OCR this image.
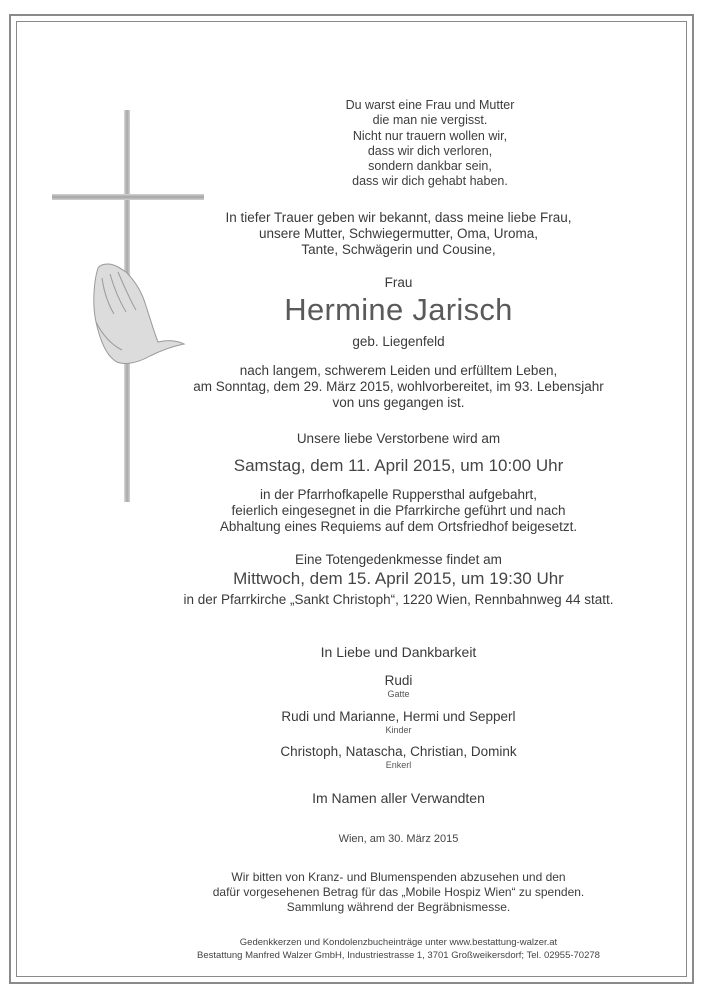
Du warst eine Frau und Mutter
die man nie vergisst.
Nicht nur trauern wollen wir,
dass wir dich verloren,
sondern dankbar sein,
dass wir dich gehabt haben.
In tiefer Trauer geben wir bekannt, dass meine liebe Frau,
unsere Mutter, Schwiegermutter, Oma, Uroma,
Tante, Schwägerin und Cousine,
Frau
Hermine Jarisch
geb. Liegenfeld
nach langem, schwerem Leiden und erfülltem Leben,
am Sonntag, dem 29. März 2015, wohlvorbereitet, im 93. Lebensjahr
von uns gegangen ist.
Unsere liebe Verstorbene wird am
Samstag, dem 11. April 2015, um 10:00 Uhr
in der Pfarrhofkapelle Ruppersthal aufgebahrt,
feierlich eingesegnet in die Pfarrkirche geführt und nach
Abhaltung eines Requiems auf dem Ortsfriedhof beigesetzt.
Eine Totengedenkmesse findet am
Mittwoch, dem 15. April 2015, um 19:30 Uhr
in der Pfarrkirche „Sankt Christoph“, 1220 Wien, Rennbahnweg 44 statt.
In Liebe und Dankbarkeit
Rudi
Gatte
Rudi und Marianne, Hermi und Sepperl
Kinder
Christoph, Natascha, Christian, Domink
Enkerl
Im Namen aller Verwandten
Wien, am 30. März 2015
Wir bitten von Kranz- und Blumenspenden abzusehen und den
dafür vorgesehenen Betrag für das „Mobile Hospiz Wien“ zu spenden.
Sammlung während der Begräbnismesse.
Gedenkkerzen und Kondolenzbucheinträge unter www.bestattung-walzer.at
Bestattung Manfred Walzer GmbH, Industriestrasse 1, 3701 Großweikersdorf; Tel. 02955-70278
